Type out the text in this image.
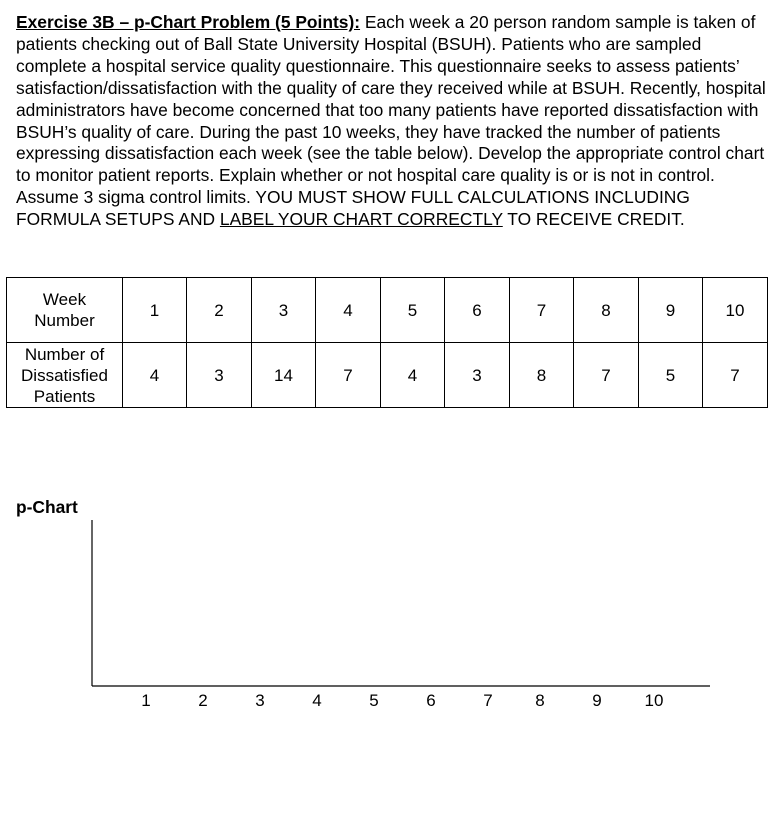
Exercise 3B – p-Chart Problem (5 Points): Each week a 20 person random sample is taken of patients checking out of Ball State University Hospital (BSUH). Patients who are sampled complete a hospital service quality questionnaire. This questionnaire seeks to assess patients’ satisfaction/dissatisfaction with the quality of care they received while at BSUH. Recently, hospital administrators have become concerned that too many patients have reported dissatisfaction with BSUH’s quality of care. During the past 10 weeks, they have tracked the number of patients expressing dissatisfaction each week (see the table below). Develop the appropriate control chart to monitor patient reports. Explain whether or not hospital care quality is or is not in control. Assume 3 sigma control limits. YOU MUST SHOW FULL CALCULATIONS INCLUDING FORMULA SETUPS AND LABEL YOUR CHART CORRECTLY TO RECEIVE CREDIT.

Week Number	1	2	3	4	5	6	7	8	9	10
Number of Dissatisfied Patients	4	3	14	7	4	3	8	7	5	7
p-Chart
1	2	3	4	5	6	7	8	9	10
